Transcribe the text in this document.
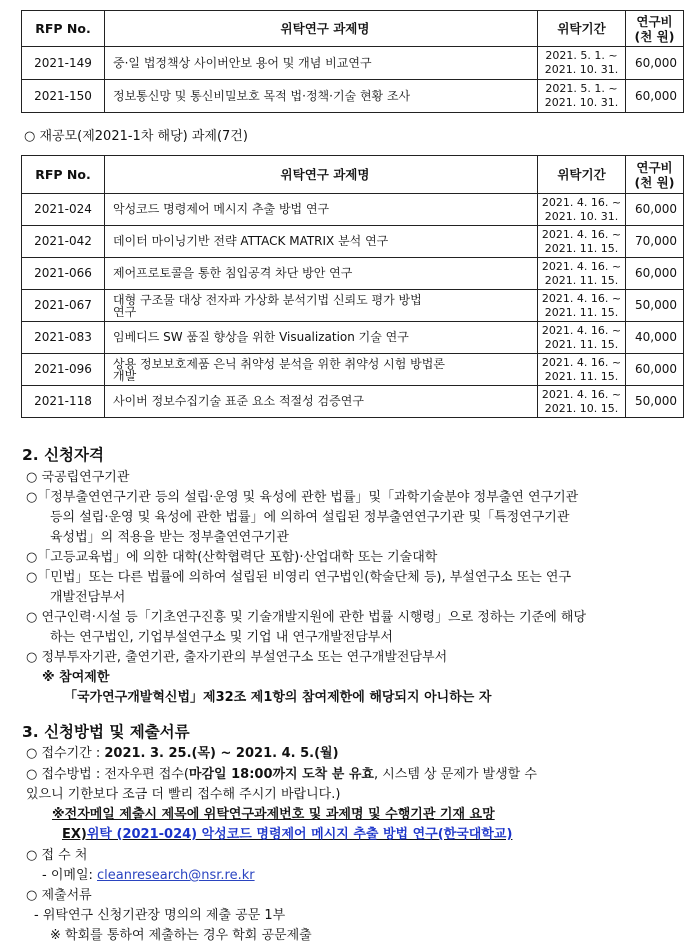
RFP No.	위탁연구 과제명	위탁기간	연구비
(천 원)

2021-149	중·일 법정책상 사이버안보 용어 및 개념 비교연구	2021. 5. 1. ~
2021. 10. 31.	60,000
2021-150	정보통신망 및 통신비밀보호 목적 법·정책·기술 현황 조사	2021. 5. 1. ~
2021. 10. 31.	60,000
○ 재공모(제2021-1차 해당) 과제(7건)
RFP No.	위탁연구 과제명	위탁기간	연구비
(천 원)

2021-024	악성코드 명령제어 메시지 추출 방법 연구	2021. 4. 16. ~
2021. 10. 31.	60,000
2021-042	데이터 마이닝기반 전략 ATTACK MATRIX 분석 연구	2021. 4. 16. ~
2021. 11. 15.	70,000
2021-066	제어프로토콜을 통한 침입공격 차단 방안 연구	2021. 4. 16. ~
2021. 11. 15.	60,000
2021-067	대형 구조물 대상 전자파 가상화 분석기법 신뢰도 평가 방법
연구	2021. 4. 16. ~
2021. 11. 15.	50,000
2021-083	임베디드 SW 품질 향상을 위한 Visualization 기술 연구	2021. 4. 16. ~
2021. 11. 15.	40,000
2021-096	상용 정보보호제품 은닉 취약성 분석을 위한 취약성 시험 방법론
개발	2021. 4. 16. ~
2021. 11. 15.	60,000
2021-118	사이버 정보수집기술 표준 요소 적절성 검증연구	2021. 4. 16. ~
2021. 10. 15.	50,000
2. 신청자격
○ 국공립연구기관
○「정부출연연구기관 등의 설립·운영 및 육성에 관한 법률」및「과학기술분야 정부출연 연구기관
등의 설립·운영 및 육성에 관한 법률」에 의하여 설립된 정부출연연구기관 및「특정연구기관
육성법」의 적용을 받는 정부출연연구기관
○「고등교육법」에 의한 대학(산학협력단 포함)·산업대학 또는 기술대학
○「민법」또는 다른 법률에 의하여 설립된 비영리 연구법인(학술단체 등), 부설연구소 또는 연구
개발전담부서
○ 연구인력·시설 등「기초연구진흥 및 기술개발지원에 관한 법률 시행령」으로 정하는 기준에 해당
하는 연구법인, 기업부설연구소 및 기업 내 연구개발전담부서
○ 정부투자기관, 출연기관, 출자기관의 부설연구소 또는 연구개발전담부서
※ 참여제한
「국가연구개발혁신법」제32조 제1항의 참여제한에 해당되지 아니하는 자
3. 신청방법 및 제출서류
○ 접수기간 : 2021. 3. 25.(목) ~ 2021. 4. 5.(월)
○ 접수방법 : 전자우편 접수(마감일 18:00까지 도착 분 유효, 시스템 상 문제가 발생할 수
있으니 기한보다 조금 더 빨리 접수해 주시기 바랍니다.)
※전자메일 제출시 제목에 위탁연구과제번호 및 과제명 및 수행기관 기재 요망
EX)위탁 (2021-024) 악성코드 명령제어 메시지 추출 방법 연구(한국대학교)
○ 접 수 처
- 이메일: cleanresearch@nsr.re.kr
○ 제출서류
- 위탁연구 신청기관장 명의의 제출 공문 1부
※ 학회를 통하여 제출하는 경우 학회 공문제출
